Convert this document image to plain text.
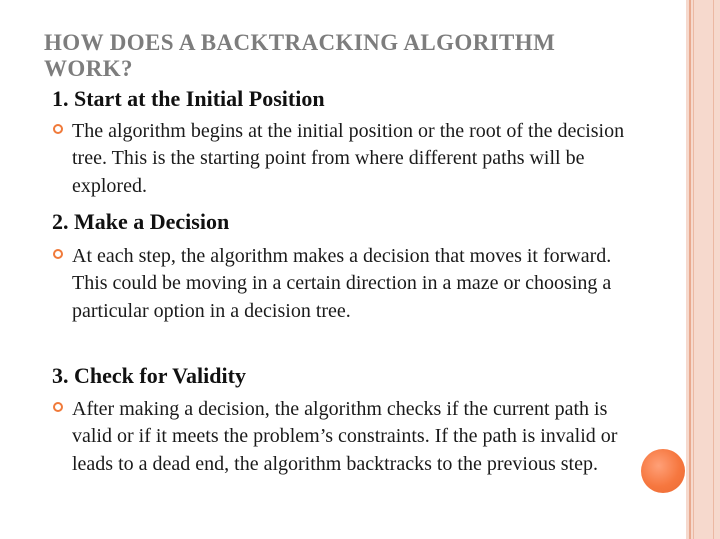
HOW DOES A BACKTRACKING ALGORITHM WORK?
1. Start at the Initial Position

The algorithm begins at the initial position or the root of the decision tree. This is the starting point from where different paths will be explored.

2. Make a Decision

At each step, the algorithm makes a decision that moves it forward. This could be moving in a certain direction in a maze or choosing a particular option in a decision tree.

3. Check for Validity

After making a decision, the algorithm checks if the current path is valid or if it meets the problem’s constraints. If the path is invalid or leads to a dead end, the algorithm backtracks to the previous step.
